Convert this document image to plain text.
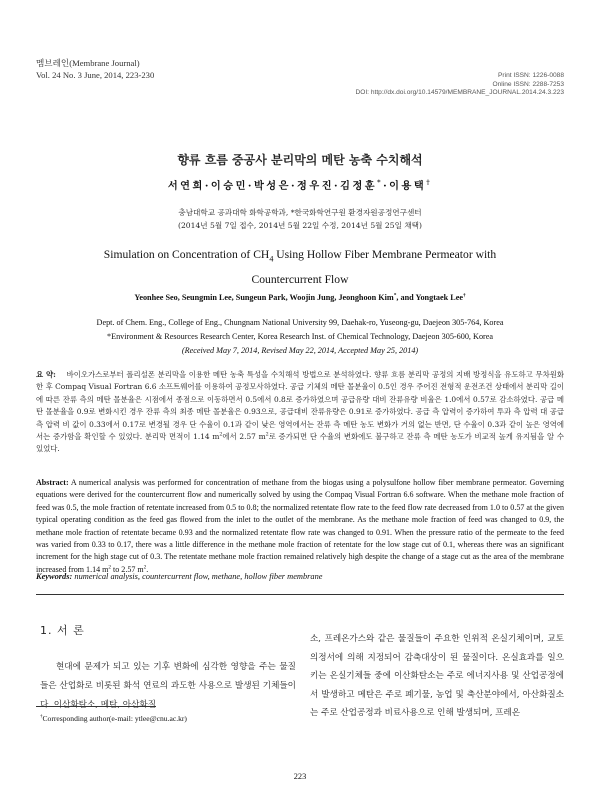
멤브레인(Membrane Journal)
Vol. 24 No. 3 June, 2014, 223-230	Print ISSN: 1226-0088
Online ISSN: 2288-7253
DOI: http://dx.doi.org/10.14579/MEMBRANE_JOURNAL.2014.24.3.223
향류 흐름 중공사 분리막의 메탄 농축 수치해석
서연희·이승민·박성은·정우진·김정훈*·이용택†
충남대학교 공과대학 화학공학과, *한국화학연구원 환경자원공정연구센터
(2014년 5월 7일 접수, 2014년 5월 22일 수정, 2014년 5월 25일 채택)
Simulation on Concentration of $CH_4$ Using Hollow Fiber Membrane Permeator with
Countercurrent Flow
Yeonhee Seo, Seungmin Lee, Sungeun Park, Woojin Jung, Jeonghoon Kim*, and Yongtaek Lee†
Dept. of Chem. Eng., College of Eng., Chungnam National University 99, Daehak-ro, Yuseong-gu, Daejeon 305-764, Korea
*Environment & Resources Research Center, Korea Research Inst. of Chemical Technology, Daejeon 305-600, Korea
(Received May 7, 2014, Revised May 22, 2014, Accepted May 25, 2014)
요 약: 바이오가스로부터 폴리설폰 분리막을 이용한 메탄 농축 특성을 수치해석 방법으로 분석하였다. 향류 흐름 분리막 공정의 지배 방정식을 유도하고 무차원화 한 후 Compaq Visual Fortran 6.6 소프트웨어를 이용하여 공정모사하였다. 공급 기체의 메탄 몰분율이 0.5인 경우 주어진 전형적 운전조건 상태에서 분리막 길이에 따른 잔류 측의 메탄 몰분율은 시점에서 종점으로 이동하면서 0.5에서 0.8로 증가하였으며 공급유량 대비 잔류유량 비율은 1.0에서 0.57로 감소하였다. 공급 메탄 몰분율을 0.9로 변화시킨 경우 잔류 측의 최종 메탄 몰분율은 0.93으로, 공급대비 잔류유량은 0.91로 증가하였다. 공급 측 압력이 증가하여 투과 측 압력 대 공급 측 압력 비 값이 0.33에서 0.17로 변경될 경우 단 수율이 0.1과 같이 낮은 영역에서는 잔류 측 메탄 농도 변화가 거의 없는 반면, 단 수율이 0.3과 같이 높은 영역에서는 증가함을 확인할 수 있었다. 분리막 면적이 1.14 $m^2$에서 2.57 $m^2$로 증가되면 단 수율의 변화에도 불구하고 잔류 측 메탄 농도가 비교적 높게 유지됨을 알 수 있었다.
Abstract: A numerical analysis was performed for concentration of methane from the biogas using a polysulfone hollow fiber membrane permeator. Governing equations were derived for the countercurrent flow and numerically solved by using the Compaq Visual Fortran 6.6 software. When the methane mole fraction of feed was 0.5, the mole fraction of retentate increased from 0.5 to 0.8; the normalized retentate flow rate to the feed flow rate decreased from 1.0 to 0.57 at the given typical operating condition as the feed gas flowed from the inlet to the outlet of the membrane. As the methane mole fraction of feed was changed to 0.9, the methane mole fraction of retentate became 0.93 and the normalized retentate flow rate was changed to 0.91. When the pressure ratio of the permeate to the feed was varied from 0.33 to 0.17, there was a little difference in the methane mole fraction of retentate for the low stage cut of 0.1, whereas there was an significant increment for the high stage cut of 0.3. The retentate methane mole fraction remained relatively high despite the change of a stage cut as the area of the membrane increased from 1.14 $m^2$ to 2.57 $m^2$.
Keywords: numerical analysis, countercurrent flow, methane, hollow fiber membrane
1. 서 론
현대에 문제가 되고 있는 기후 변화에 심각한 영향을 주는 물질들은 산업화로 비롯된 화석 연료의 과도한 사용으로 발생된 기체들이다. 이산화탄소, 메탄, 아산화질
소, 프레온가스와 같은 물질들이 주요한 인위적 온실기체이며, 교토의정서에 의해 지정되어 감축대상이 된 물질이다. 온실효과를 일으키는 온실기체들 중에 이산화탄소는 주로 에너지사용 및 산업공정에서 발생하고 메탄은 주로 폐기물, 농업 및 축산분야에서, 아산화질소는 주로 산업공정과 비료사용으로 인해 발생되며, 프레온
†Corresponding author(e-mail: ytlee@cnu.ac.kr)
223
